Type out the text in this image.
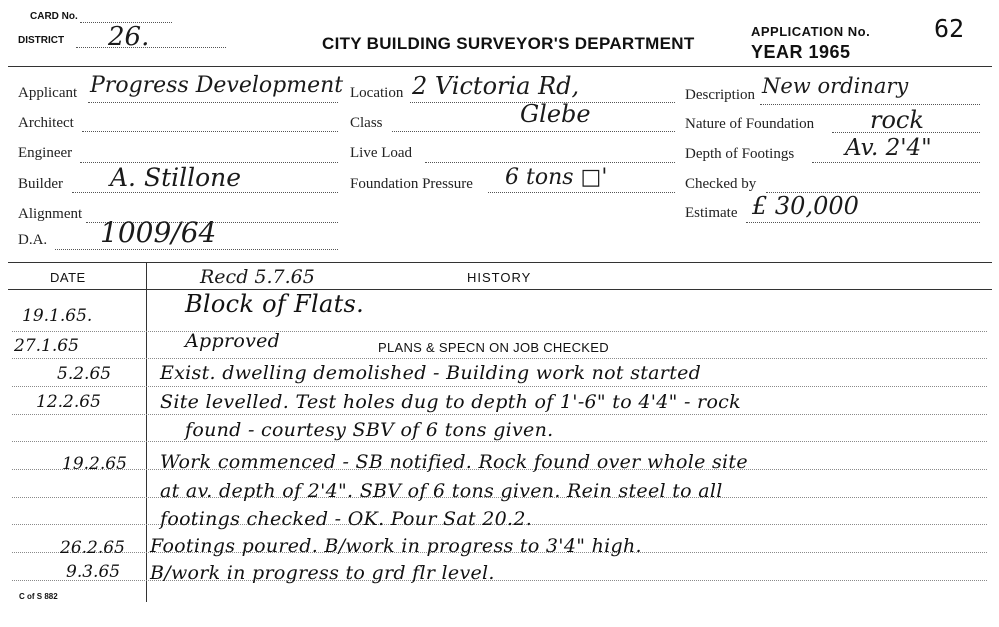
CARD No.
DISTRICT 26.	CITY BUILDING SURVEYOR'S DEPARTMENT
APPLICATION No.	62
YEAR 1965
Applicant Progress Development Location 2 Victoria Rd,	Description New ordinary
Architect	Class	Glebe	Nature of Foundation rock
Engineer	Live Load	Depth of Footings Av. 2'4"
Builder A. Stillone	Foundation Pressure 6 tons □'	Checked by
Alignment	Estimate £ 30,000
D.A. 1009/64
DATE	HISTORY
Recd 5.7.65
PLANS & SPECN ON JOB CHECKED
19.1.65.	Block of Flats.
27.1.65	Approved
5.2.65	Exist. dwelling demolished - Building work not started
12.2.65	Site levelled. Test holes dug to depth of 1'-6" to 4'4" - rock
found - courtesy SBV of 6 tons given.
19.2.65 Work commenced - SB notified. Rock found over whole site
at av. depth of 2'4". SBV of 6 tons given. Rein steel to all
footings checked - OK. Pour Sat 20.2.
26.2.65 Footings poured. B/work in progress to 3'4" high.
9.3.65 B/work in progress to grd flr level.
C of S 882
